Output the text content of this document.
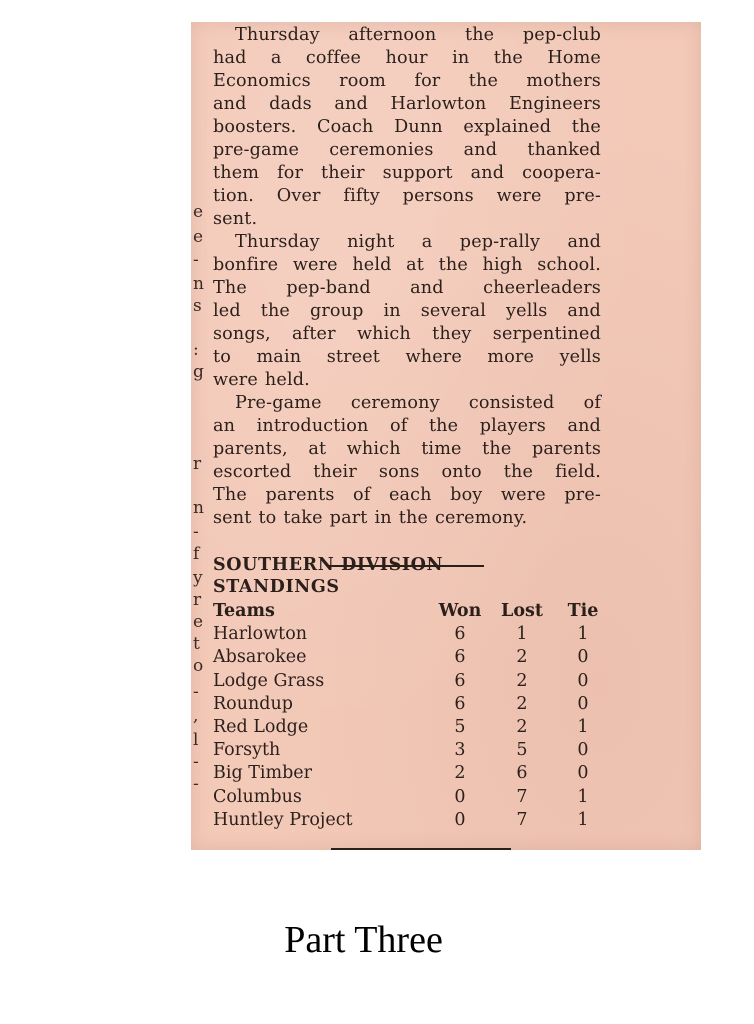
e
e
-
n
s
:
g
r
n
-
f
y
r
e
t
o
-
,
l
-
-
Thursday afternoon the pep-club
had a coffee hour in the Home
Economics room for the mothers
and dads and Harlowton Engineers
boosters. Coach Dunn explained the
pre-game ceremonies and thanked
them for their support and coopera-
tion. Over fifty persons were pre-
sent.
Thursday night a pep-rally and
bonfire were held at the high school.
The pep-band and cheerleaders
led the group in several yells and
songs, after which they serpentined
to main street where more yells
were held.
Pre-game ceremony consisted of
an introduction of the players and
parents, at which time the parents
escorted their sons onto the field.
The parents of each boy were pre-
sent to take part in the ceremony.
SOUTHERN DIVISION
STANDINGS
Teams	Won Lost Tie
Harlowton	6	1	1
Absarokee	6	2	0
Lodge Grass	6	2	0
Roundup	6	2	0
Red Lodge	5	2	1
Forsyth	3	5	0
Big Timber	2	6	0
Columbus	0	7	1
Huntley Project	0	7	1
Part Three
